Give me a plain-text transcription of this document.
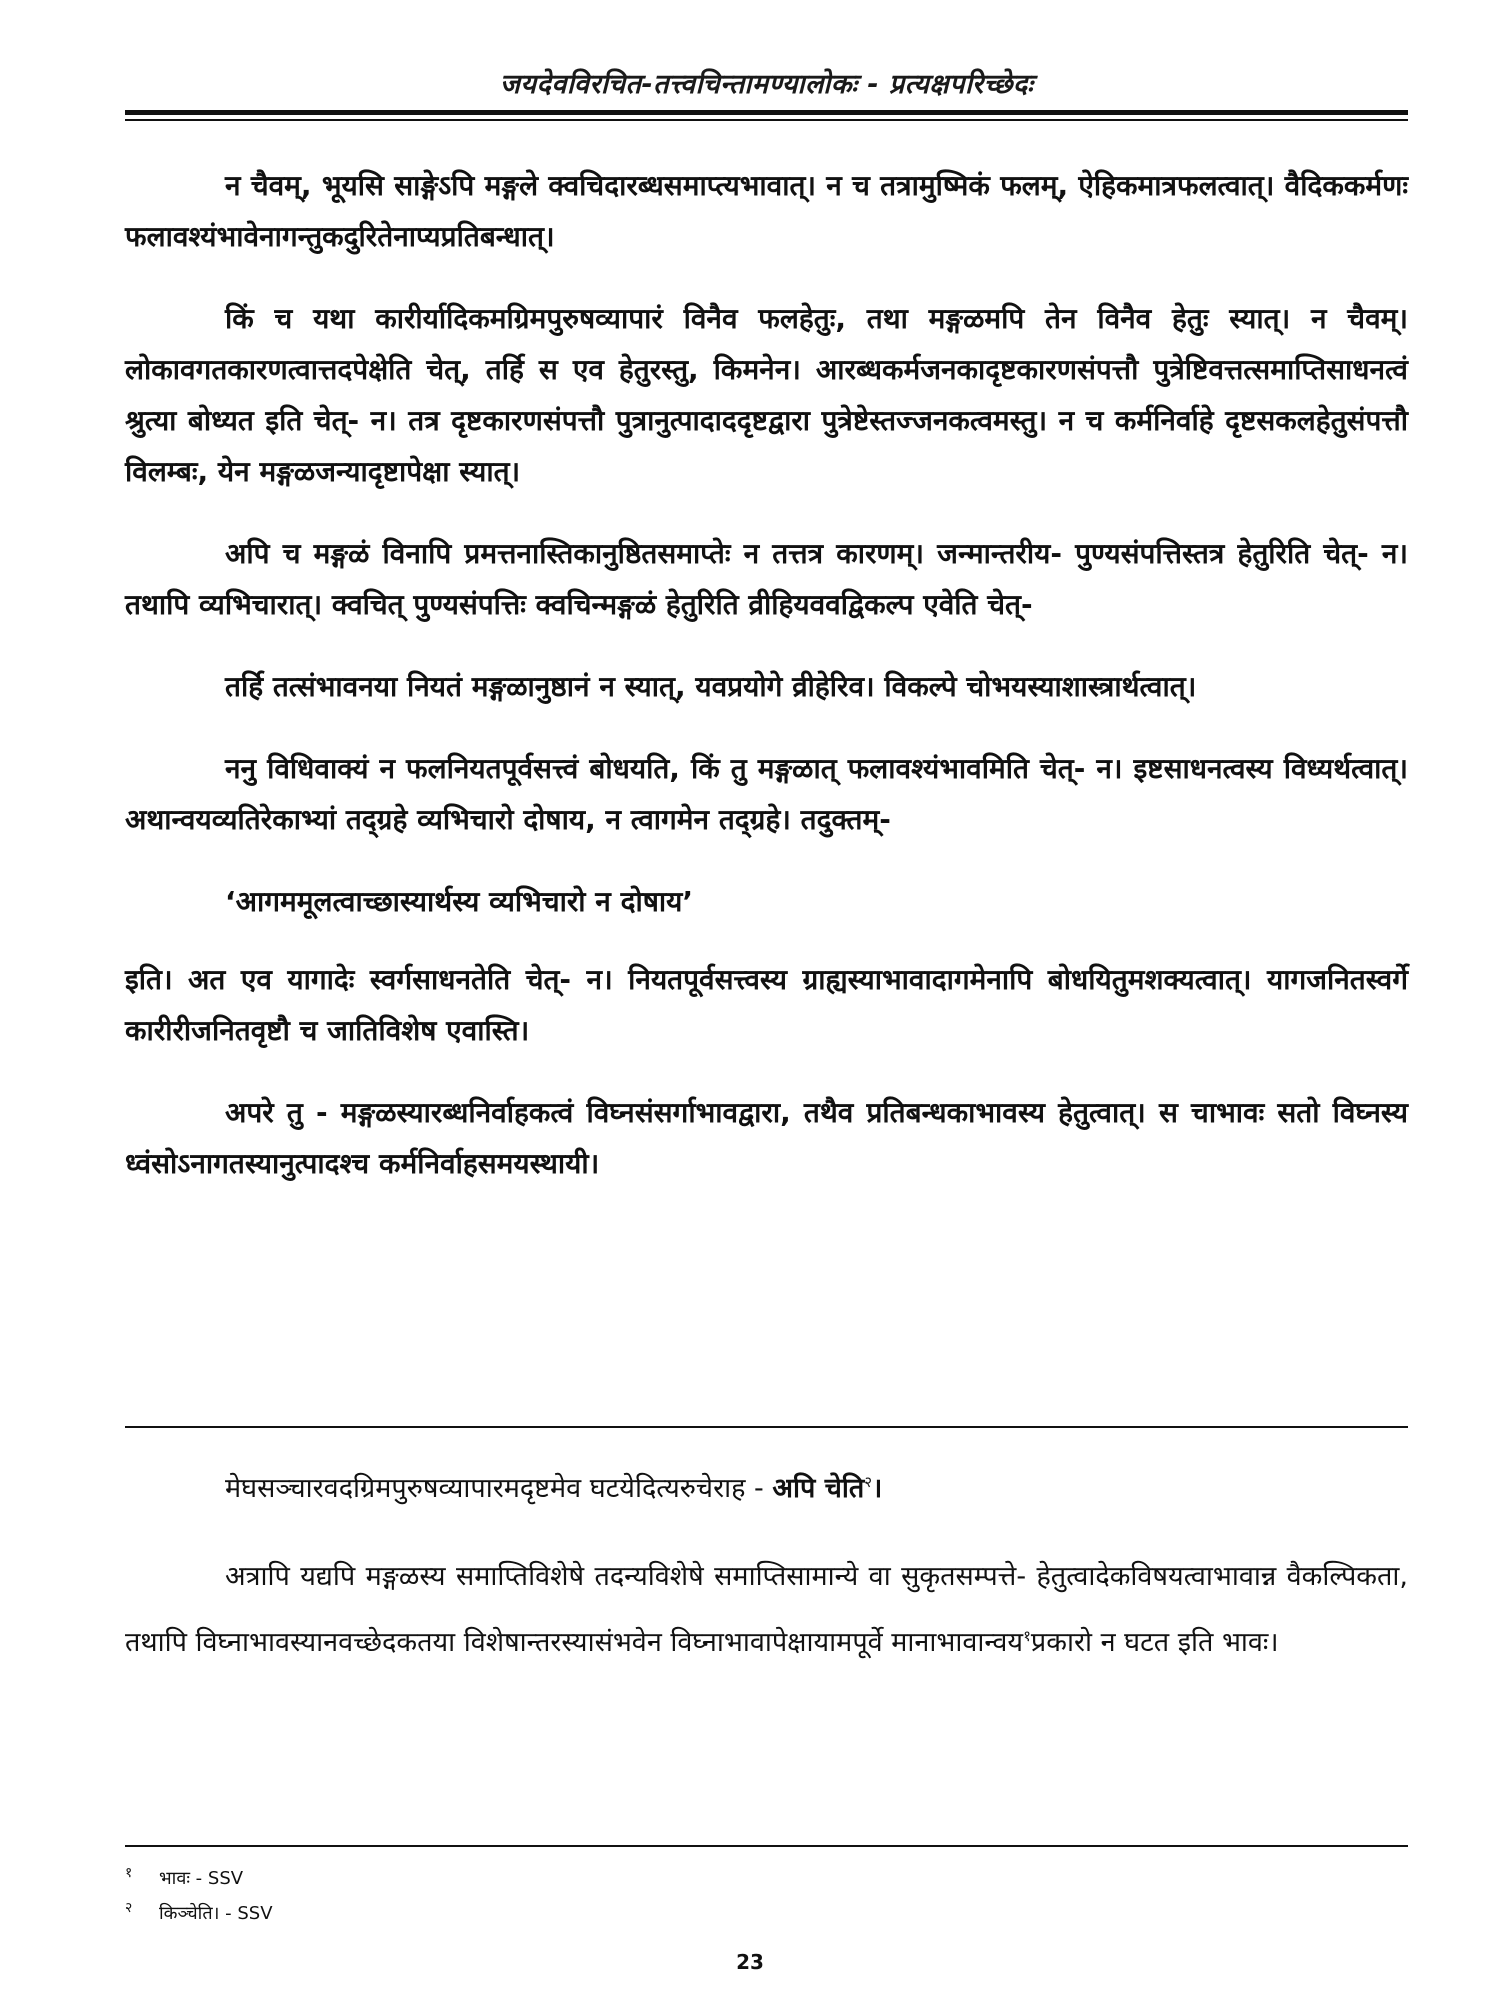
जयदेवविरचित-तत्त्वचिन्तामण्यालोकः - प्रत्यक्षपरिच्छेदः

न चैवम्, भूयसि साङ्गेऽपि मङ्गले क्वचिदारब्धसमाप्त्यभावात्। न च तत्रामुष्मिकं फलम्, ऐहिकमात्रफलत्वात्। वैदिककर्मणः फलावश्यंभावेनागन्तुकदुरितेनाप्यप्रतिबन्धात्।

किं च यथा कारीर्यादिकमग्रिमपुरुषव्यापारं विनैव फलहेतुः, तथा मङ्गळमपि तेन विनैव हेतुः स्यात्। न चैवम्। लोकावगतकारणत्वात्तदपेक्षेति चेत्, तर्हि स एव हेतुरस्तु, किमनेन। आरब्धकर्मजनकादृष्टकारणसंपत्तौ पुत्रेष्टिवत्तत्समाप्तिसाधनत्वं श्रुत्या बोध्यत इति चेत्- न। तत्र दृष्टकारणसंपत्तौ पुत्रानुत्पादाददृष्टद्वारा पुत्रेष्टेस्तज्जनकत्वमस्तु। न च कर्मनिर्वाहे दृष्टसकलहेतुसंपत्तौ विलम्बः, येन मङ्गळजन्यादृष्टापेक्षा स्यात्।

अपि च मङ्गळं विनापि प्रमत्तनास्तिकानुष्ठितसमाप्तेः न तत्तत्र कारणम्। जन्मान्तरीय- पुण्यसंपत्तिस्तत्र हेतुरिति चेत्- न। तथापि व्यभिचारात्। क्वचित् पुण्यसंपत्तिः क्वचिन्मङ्गळं हेतुरिति व्रीहियववद्विकल्प एवेति चेत्-

तर्हि तत्संभावनया नियतं मङ्गळानुष्ठानं न स्यात्, यवप्रयोगे व्रीहेरिव। विकल्पे चोभयस्याशास्त्रार्थत्वात्।

ननु विधिवाक्यं न फलनियतपूर्वसत्त्वं बोधयति, किं तु मङ्गळात् फलावश्यंभावमिति चेत्- न। इष्टसाधनत्वस्य विध्यर्थत्वात्। अथान्वयव्यतिरेकाभ्यां तद्ग्रहे व्यभिचारो दोषाय, न त्वागमेन तद्ग्रहे। तदुक्तम्-

‘आगममूलत्वाच्छास्यार्थस्य व्यभिचारो न दोषाय’

इति। अत एव यागादेः स्वर्गसाधनतेति चेत्- न। नियतपूर्वसत्त्वस्य ग्राह्यस्याभावादागमेनापि बोधयितुमशक्यत्वात्। यागजनितस्वर्गे कारीरीजनितवृष्टौ च जातिविशेष एवास्ति।

अपरे तु - मङ्गळस्यारब्धनिर्वाहकत्वं विघ्नसंसर्गाभावद्वारा, तथैव प्रतिबन्धकाभावस्य हेतुत्वात्। स चाभावः सतो विघ्नस्य ध्वंसोऽनागतस्यानुत्पादश्च कर्मनिर्वाहसमयस्थायी।

मेघसञ्चारवदग्रिमपुरुषव्यापारमदृष्टमेव घटयेदित्यरुचेराह - अपि चेति$^२$।

अत्रापि यद्यपि मङ्गळस्य समाप्तिविशेषे तदन्यविशेषे समाप्तिसामान्ये वा सुकृतसम्पत्ते- हेतुत्वादेकविषयत्वाभावान्न वैकल्पिकता, तथापि विघ्नाभावस्यानवच्छेदकतया विशेषान्तरस्यासंभवेन विघ्नाभावापेक्षायामपूर्वे मानाभावान्वय$^१$प्रकारो न घटत इति भावः।

१	भावः - SSV
२	किञ्चेति। - SSV
23
